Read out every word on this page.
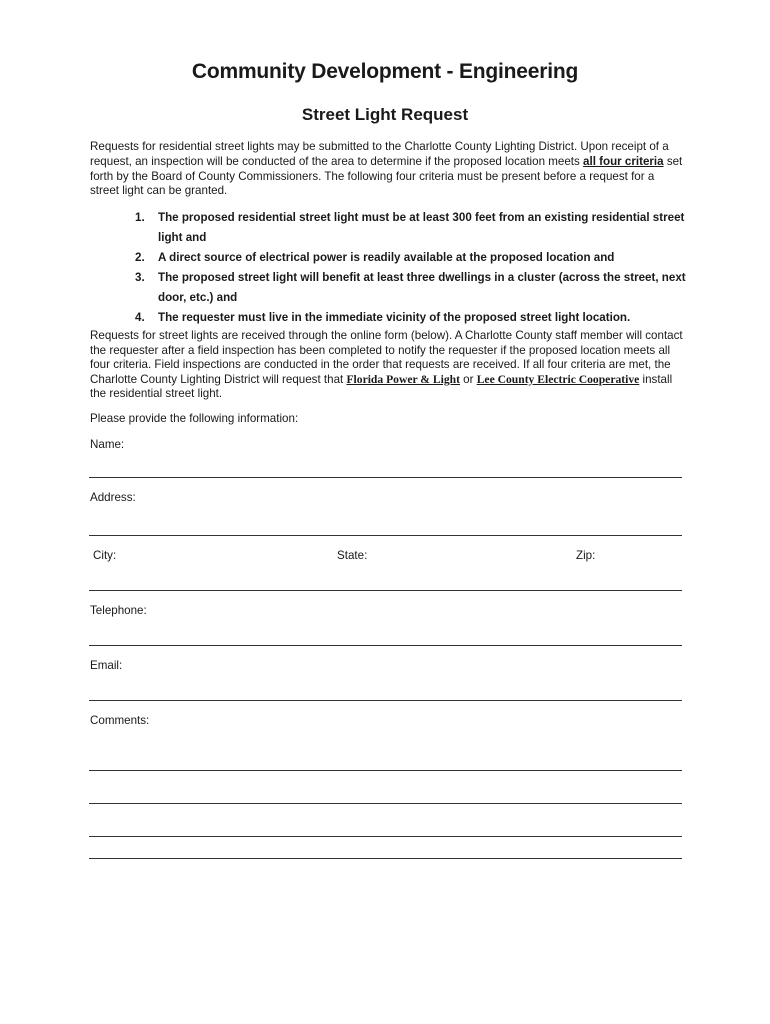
Community Development - Engineering
Street Light Request

Requests for residential street lights may be submitted to the Charlotte County Lighting District. Upon receipt of a request, an inspection will be conducted of the area to determine if the proposed location meets all four criteria set forth by the Board of County Commissioners. The following four criteria must be present before a request for a street light can be granted.

1. The proposed residential street light must be at least 300 feet from an existing residential street light and
2. A direct source of electrical power is readily available at the proposed location and
3. The proposed street light will benefit at least three dwellings in a cluster (across the street, next door, etc.) and
4. The requester must live in the immediate vicinity of the proposed street light location.

Requests for street lights are received through the online form (below). A Charlotte County staff member will contact the requester after a field inspection has been completed to notify the requester if the proposed location meets all four criteria. Field inspections are conducted in the order that requests are received. If all four criteria are met, the Charlotte County Lighting District will request that Florida Power & Light or Lee County Electric Cooperative install the residential street light.

Please provide the following information:

Name:
Address:
City:	State:	Zip:
Telephone:
Email:
Comments:
